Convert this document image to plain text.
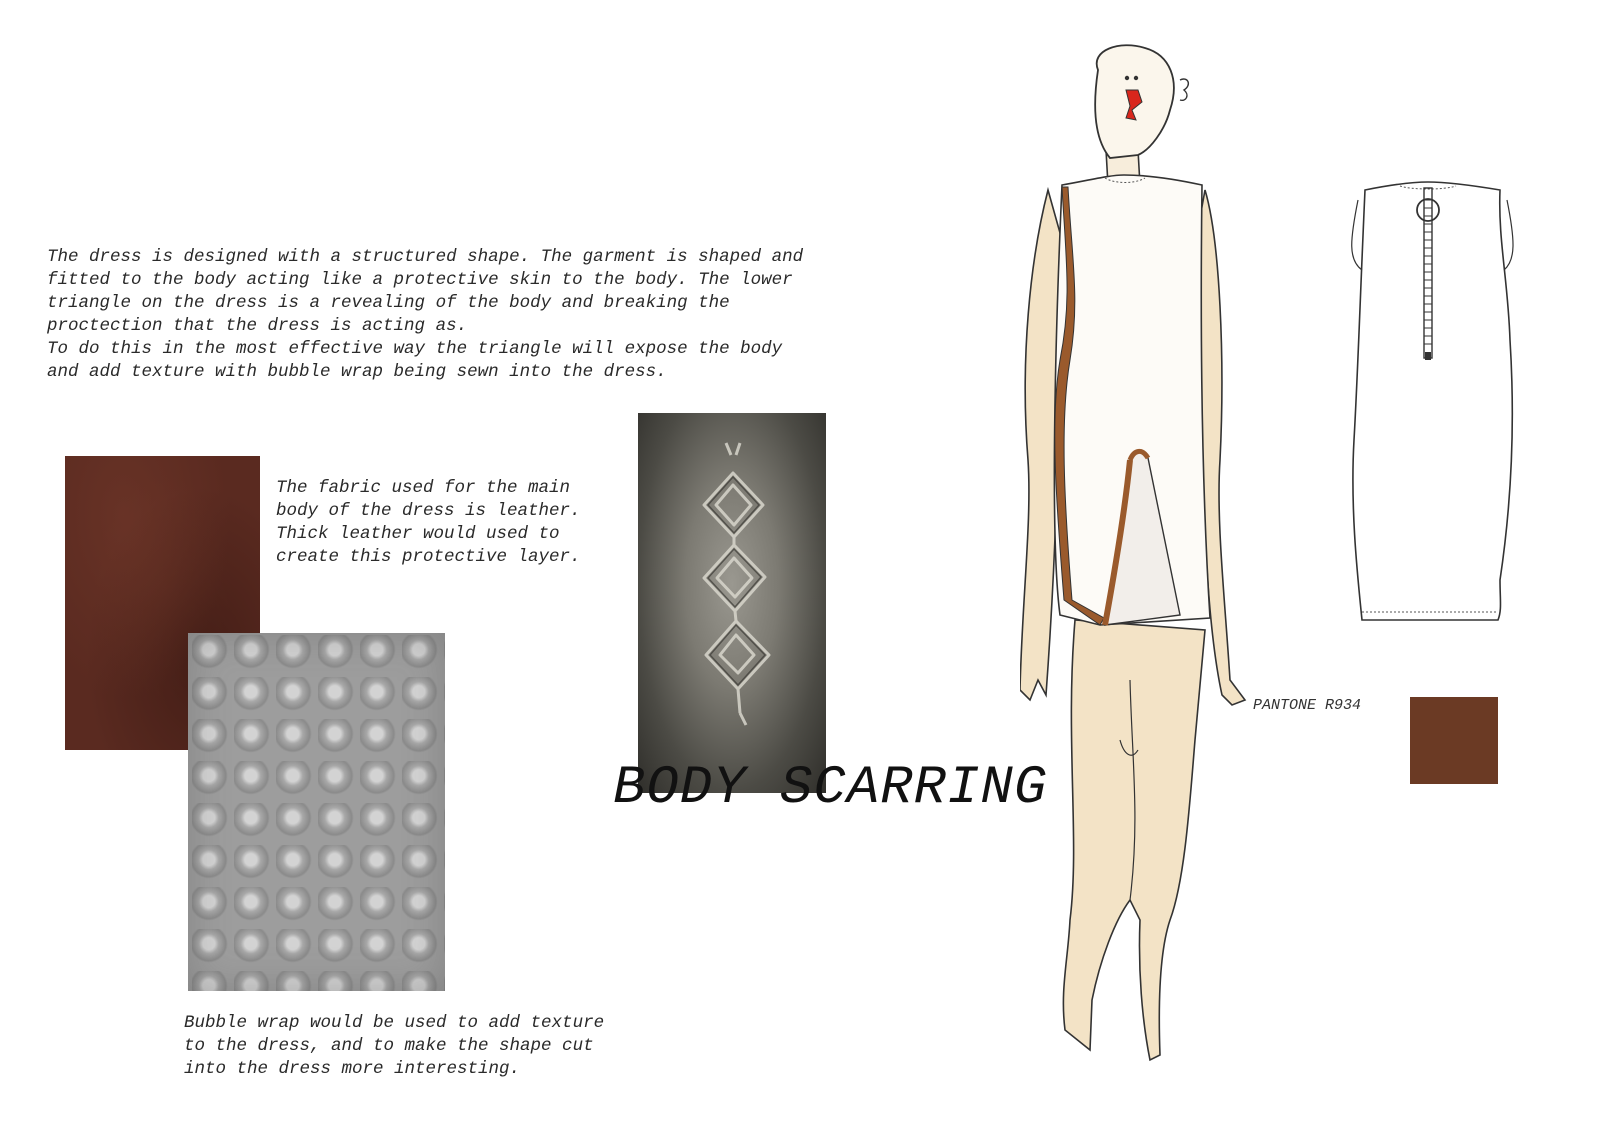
The dress is designed with a structured shape. The garment is shaped and
fitted to the body acting like a protective skin to the body. The lower
triangle on the dress is a revealing of the body and breaking the
proctection that the dress is acting as.
To do this in the most effective way the triangle will expose the body
and add texture with bubble wrap being sewn into the dress.
The fabric used for the main
body of the dress is leather.
Thick leather would used to
create this protective layer.
Bubble wrap would be used to add texture
to the dress, and to make the shape cut
into the dress more interesting.
BODY SCARRING
PANTONE R934
